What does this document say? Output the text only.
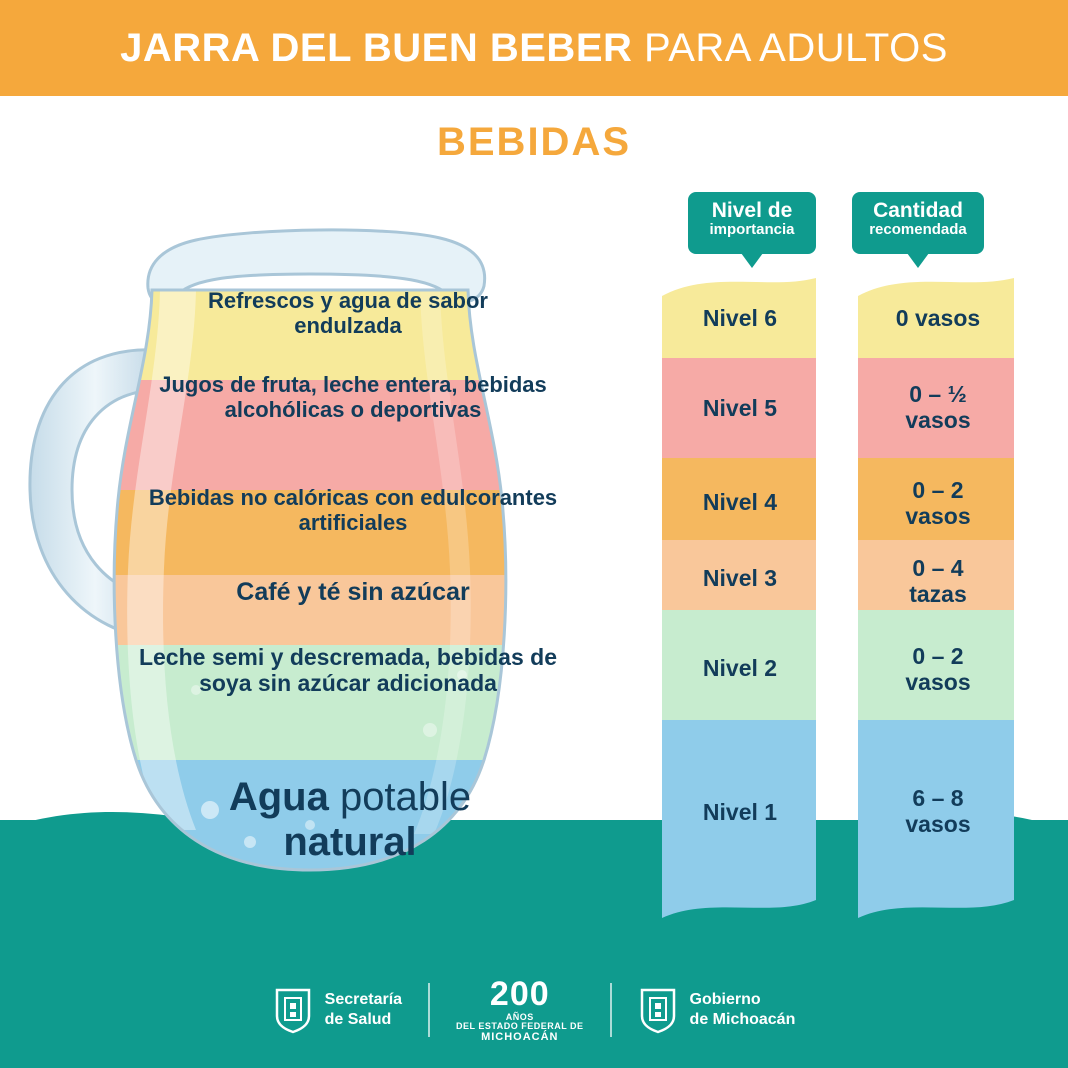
JARRA DEL BUEN BEBER PARA ADULTOS
BEBIDAS
Refrescos y agua de sabor endulzada
Jugos de fruta, leche entera, bebidas alcohólicas o deportivas
Bebidas no calóricas con edulcorantes artificiales
Café y té sin azúcar
Leche semi y descremada, bebidas de soya sin azúcar adicionada
Agua potable
natural
Nivel de
importancia
Cantidad
recomendada
Nivel 6
Nivel 5
Nivel 4
Nivel 3
Nivel 2
Nivel 1
0 vasos
0 – ½
vasos
0 – 2
vasos
0 – 4
tazas
0 – 2
vasos
6 – 8
vasos
Secretaría
de Salud
200
AÑOS
DEL ESTADO FEDERAL DE
MICHOACÁN
Gobierno
de Michoacán
